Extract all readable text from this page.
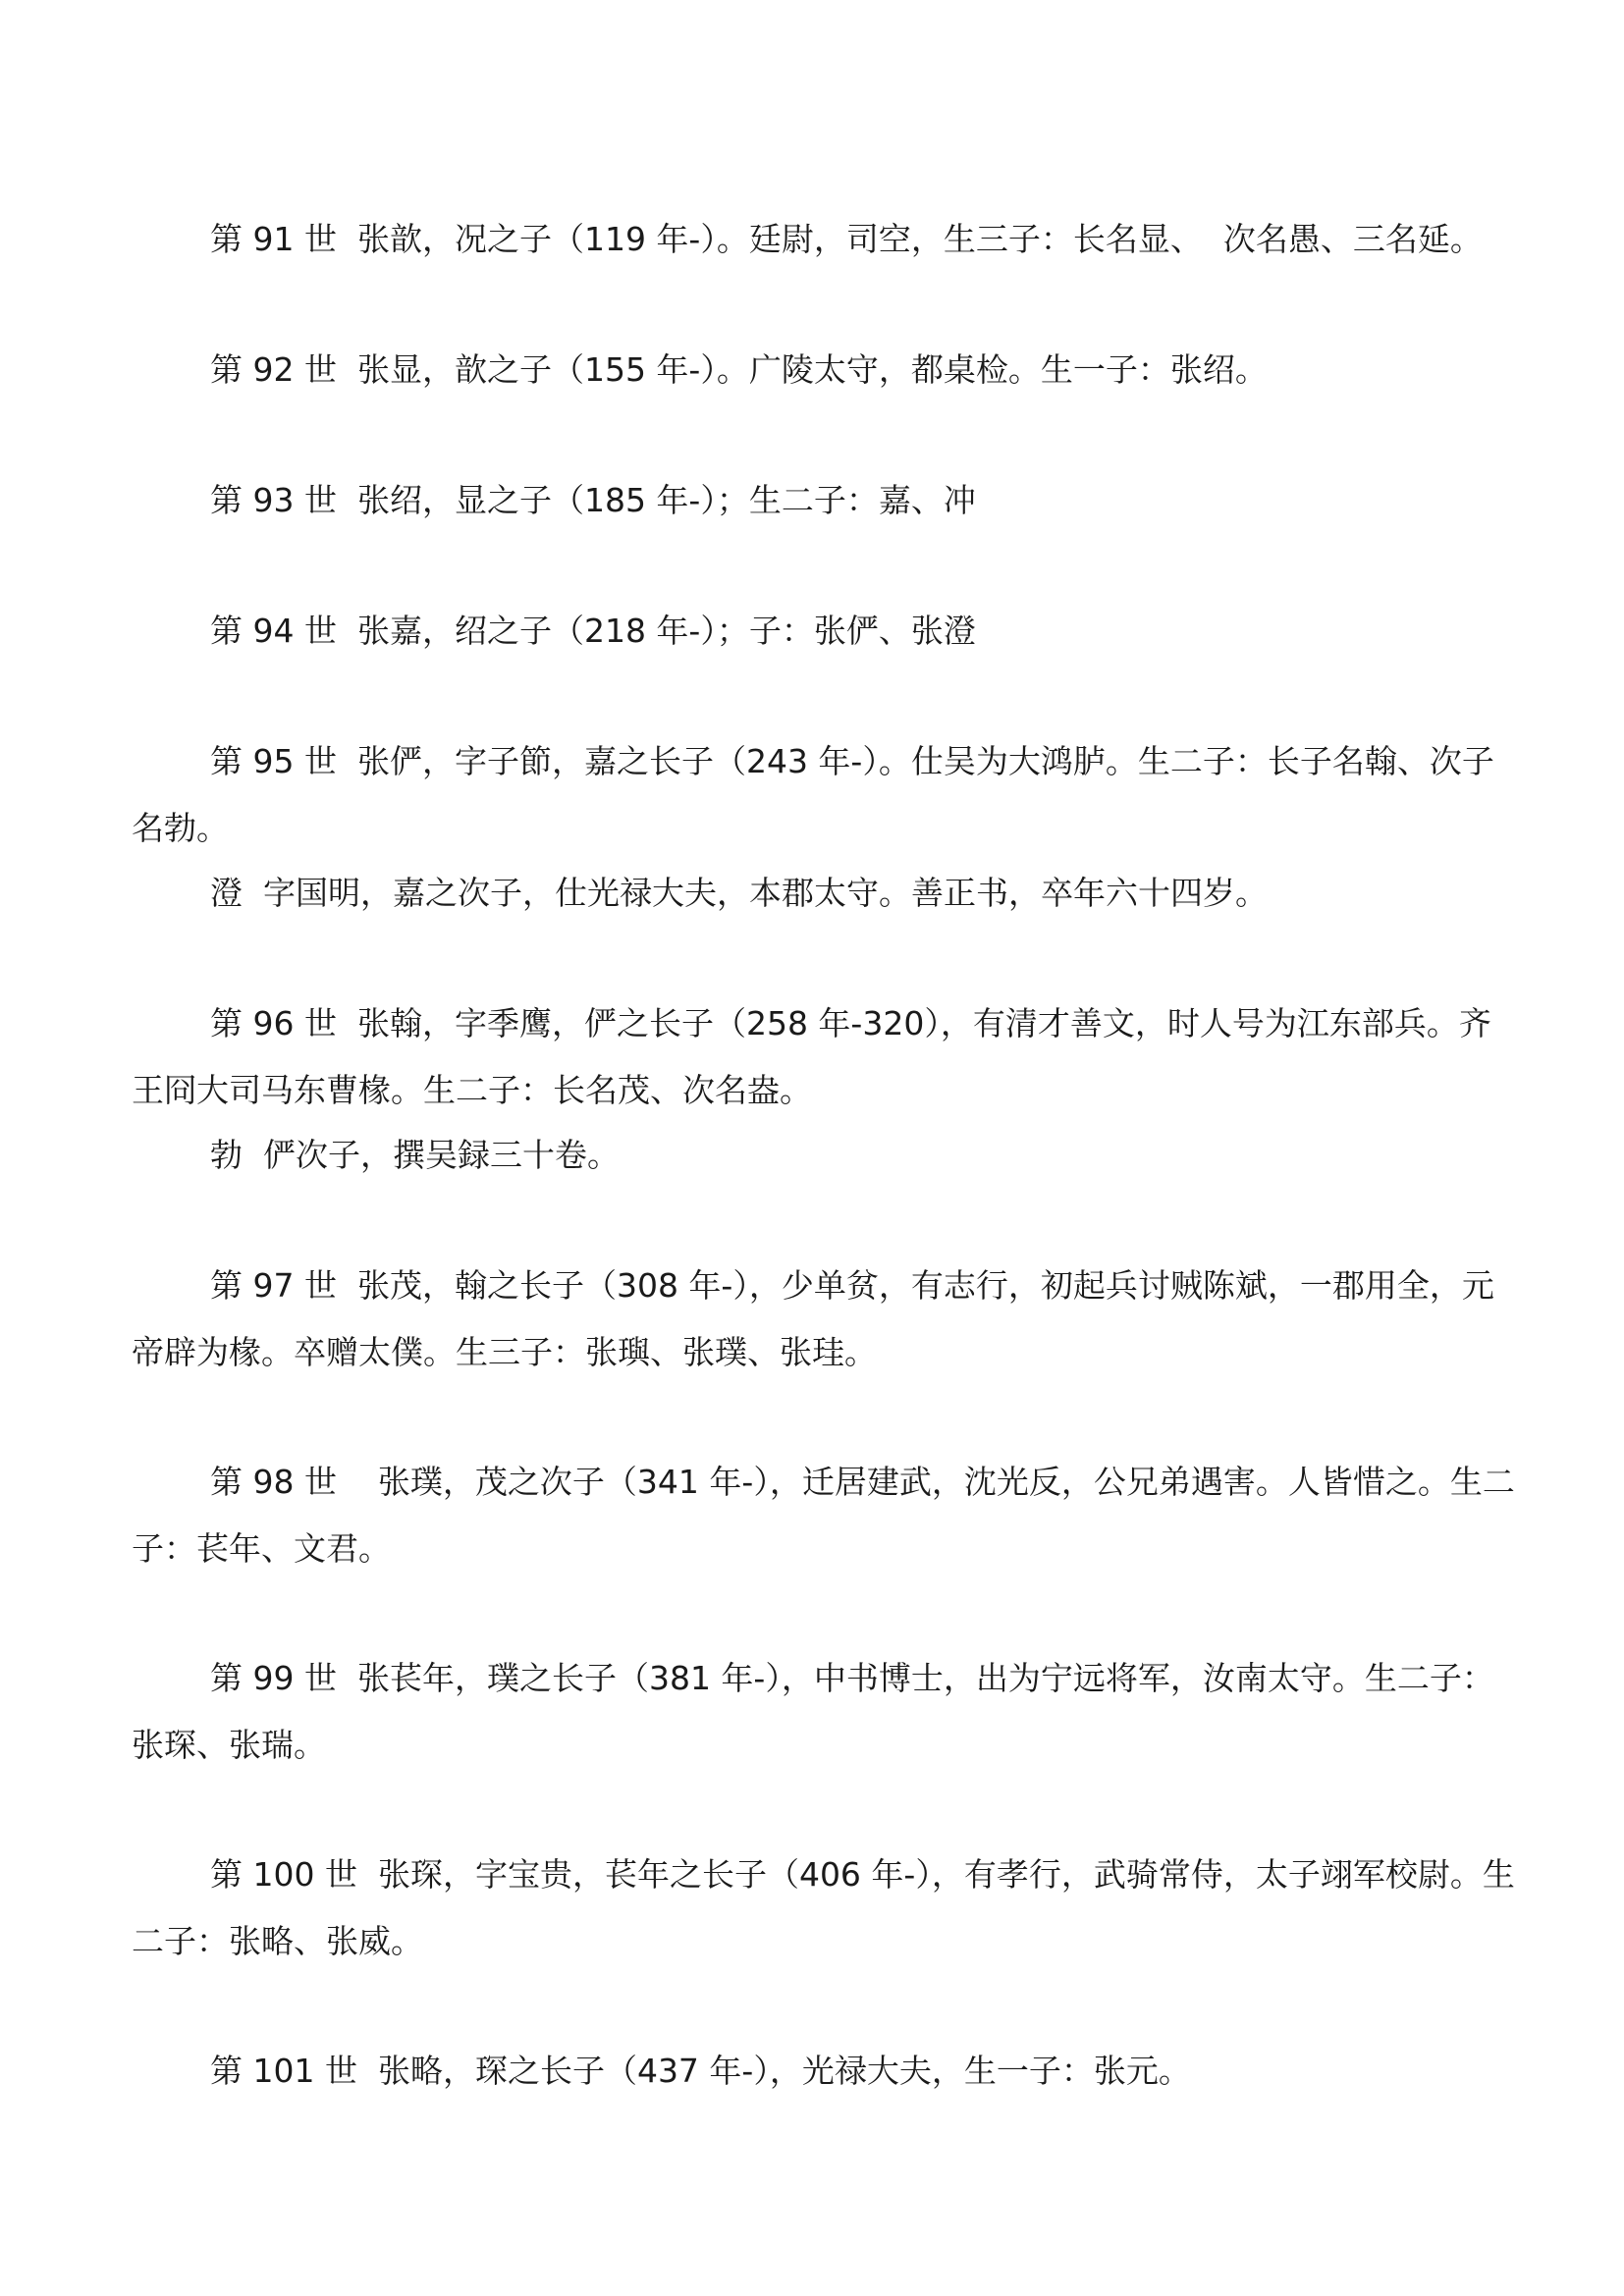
第 91 世  张歆，况之子（119 年-）。廷尉，司空，生三子：长名显、  次名愚、三名延。

第 92 世  张显，歆之子（155 年-）。广陵太守，都桌检。生一子：张绍。

第 93 世  张绍，显之子（185 年-）；生二子：嘉、冲

第 94 世  张嘉，绍之子（218 年-）；子：张俨、张澄

第 95 世  张俨，字子節，嘉之长子（243 年-）。仕吴为大鸿胪。生二子：长子名翰、次子名勃。

澄  字国明，嘉之次子，仕光禄大夫，本郡太守。善正书，卒年六十四岁。

第 96 世  张翰，字季鹰，俨之长子（258 年-320），有清才善文，时人号为江东部兵。齐王冏大司马东曹椽。生二子：长名茂、次名盎。

勃  俨次子，撰吴録三十卷。

第 97 世  张茂，翰之长子（308 年-），少单贫，有志行，初起兵讨贼陈斌，一郡用全，元帝辟为椽。卒赠太僕。生三子：张璵、张璞、张珪。

第 98 世    张璞，茂之次子（341 年-），迁居建武，沈光反，公兄弟遇害。人皆惜之。生二子：苌年、文君。

第 99 世  张苌年，璞之长子（381 年-），中书博士，出为宁远将军，汝南太守。生二子：张琛、张瑞。

第 100 世  张琛，字宝贵，苌年之长子（406 年-），有孝行，武骑常侍，太子翊军校尉。生二子：张略、张威。

第 101 世  张略，琛之长子（437 年-），光禄大夫，生一子：张元。
